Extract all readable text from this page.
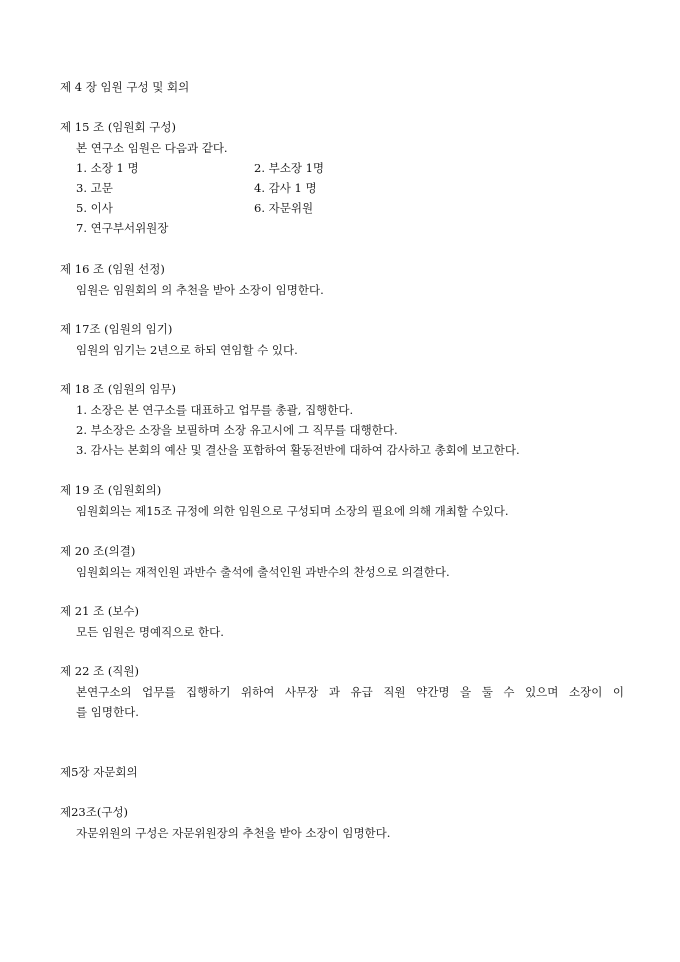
제 4 장 임원 구성 및 회의
제 15 조 (임원회 구성)
본 연구소 임원은 다음과 같다.
1. 소장 1 명	2. 부소장 1명
3. 고문	4. 감사 1 명
5. 이사	6. 자문위원
7. 연구부서위원장
제 16 조 (임원 선정)
임원은 임원회의 의 추천을 받아 소장이 임명한다.
제 17조 (임원의 임기)
임원의 임기는 2년으로 하되 연임할 수 있다.
제 18 조 (임원의 임무)
1. 소장은 본 연구소를 대표하고 업무를 총괄, 집행한다.
2. 부소장은 소장을 보필하며 소장 유고시에 그 직무를 대행한다.
3. 감사는 본회의 예산 및 결산을 포함하여 활동전반에 대하여 감사하고 총회에 보고한다.
제 19 조 (임원회의)
임원회의는 제15조 규정에 의한 임원으로 구성되며 소장의 필요에 의해 개최할 수있다.
제 20 조(의결)
임원회의는 재적인원 과반수 출석에 출석인원 과반수의 찬성으로 의결한다.
제 21 조 (보수)
모든 임원은 명예직으로 한다.
제 22 조 (직원)
본연구소의 업무를 집행하기 위하여 사무장 과 유급 직원 약간명 을 둘 수 있으며 소장이 이
를 임명한다.
제5장 자문회의
제23조(구성)
자문위원의 구성은 자문위원장의 추천을 받아 소장이 임명한다.
